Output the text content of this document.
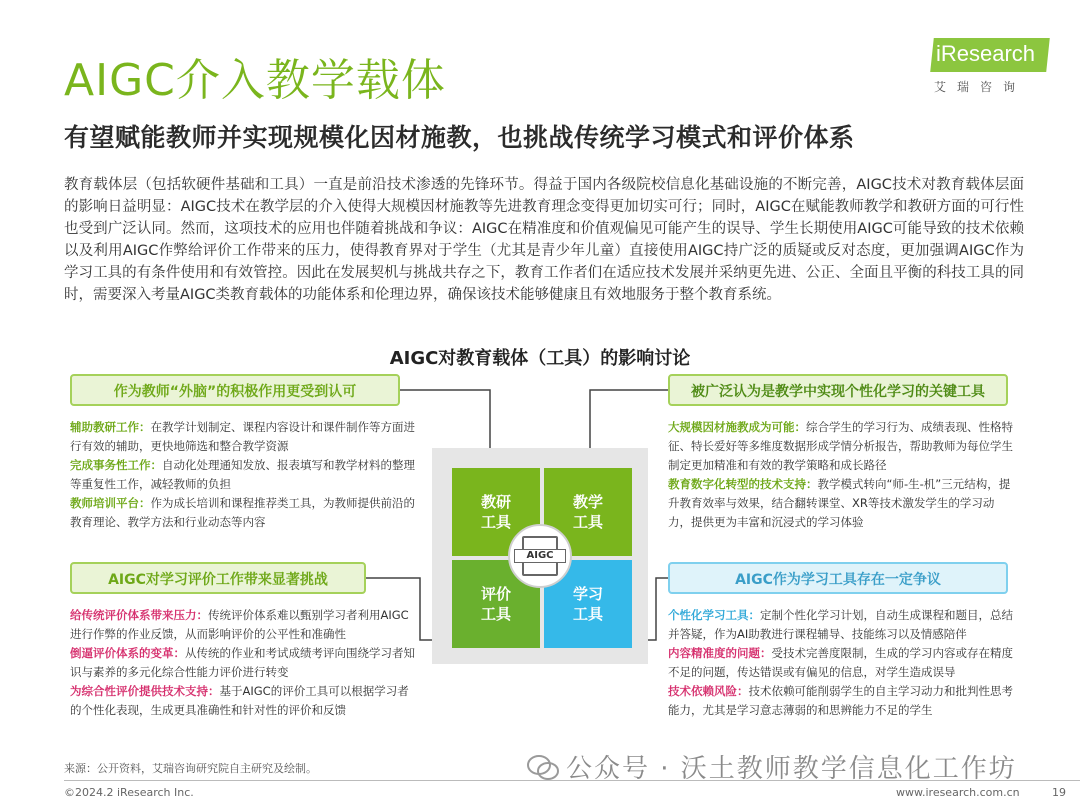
AIGC介入教学载体
有望赋能教师并实现规模化因材施教，也挑战传统学习模式和评价体系
iResearch
艾瑞咨询
教育载体层（包括软硬件基础和工具）一直是前沿技术渗透的先锋环节。得益于国内各级院校信息化基础设施的不断完善，AIGC技术对教育载体层面的影响日益明显：AIGC技术在教学层的介入使得大规模因材施教等先进教育理念变得更加切实可行；同时，AIGC在赋能教师教学和教研方面的可行性也受到广泛认同。然而，这项技术的应用也伴随着挑战和争议：AIGC在精准度和价值观偏见可能产生的误导、学生长期使用AIGC可能导致的技术依赖以及利用AIGC作弊给评价工作带来的压力，使得教育界对于学生（尤其是青少年儿童）直接使用AIGC持广泛的质疑或反对态度，更加强调AIGC作为学习工具的有条件使用和有效管控。因此在发展契机与挑战共存之下，教育工作者们在适应技术发展并采纳更先进、公正、全面且平衡的科技工具的同时，需要深入考量AIGC类教育载体的功能体系和伦理边界，确保该技术能够健康且有效地服务于整个教育系统。
AIGC对教育载体（工具）的影响讨论
作为教师“外脑”的积极作用更受到认可
辅助教研工作：在教学计划制定、课程内容设计和课件制作等方面进行有效的辅助，更快地筛选和整合教学资源
完成事务性工作：自动化处理通知发放、报表填写和教学材料的整理等重复性工作，减轻教师的负担
教师培训平台：作为成长培训和课程推荐类工具，为教师提供前沿的教育理论、教学方法和行业动态等内容
被广泛认为是教学中实现个性化学习的关键工具
大规模因材施教成为可能：综合学生的学习行为、成绩表现、性格特征、特长爱好等多维度数据形成学情分析报告，帮助教师为每位学生制定更加精准和有效的教学策略和成长路径
教育数字化转型的技术支持：教学模式转向“师-生-机”三元结构，提升教育效率与效果，结合翻转课堂、XR等技术激发学生的学习动力，提供更为丰富和沉浸式的学习体验
AIGC对学习评价工作带来显著挑战
给传统评价体系带来压力：传统评价体系难以甄别学习者利用AIGC进行作弊的作业反馈，从而影响评价的公平性和准确性
倒逼评价体系的变革：从传统的作业和考试成绩考评向围绕学习者知识与素养的多元化综合性能力评价进行转变
为综合性评价提供技术支持：基于AIGC的评价工具可以根据学习者的个性化表现，生成更具准确性和针对性的评价和反馈
AIGC作为学习工具存在一定争议
个性化学习工具：定制个性化学习计划，自动生成课程和题目，总结并答疑，作为AI助教进行课程辅导、技能练习以及情感陪伴
内容精准度的问题：受技术完善度限制，生成的学习内容或存在精度不足的问题，传达错误或有偏见的信息，对学生造成误导
技术依赖风险：技术依赖可能削弱学生的自主学习动力和批判性思考能力，尤其是学习意志薄弱的和思辨能力不足的学生
教研工具
教学工具
评价工具
学习工具
AIGC
来源：公开资料，艾瑞咨询研究院自主研究及绘制。
©2024.2 iResearch Inc.	www.iresearch.com.cn	19
公众号 · 沃土教师教学信息化工作坊
